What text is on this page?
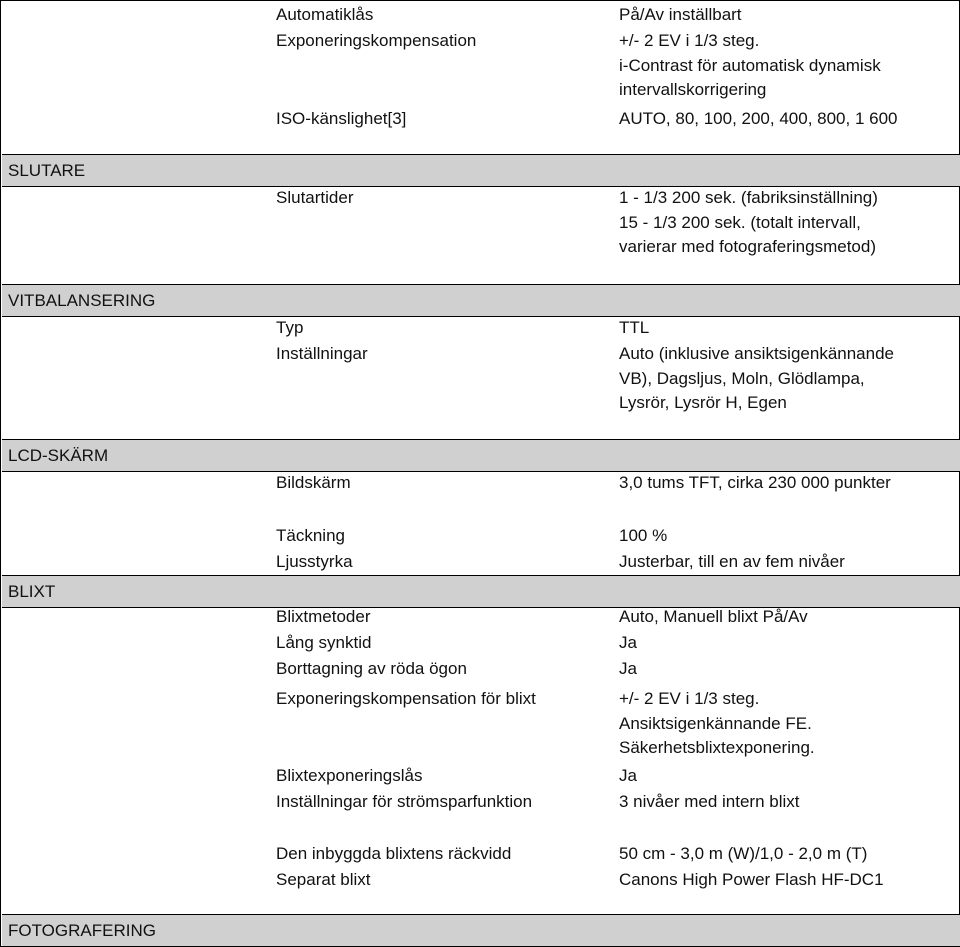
Automatiklås	På/Av inställbart
Exponeringskompensation	+/- 2 EV i 1/3 steg.
i-Contrast för automatisk dynamisk
intervallskorrigering
ISO-känslighet[3]	AUTO, 80, 100, 200, 400, 800, 1 600
SLUTARE
Slutartider	1 - 1/3 200 sek. (fabriksinställning)
15 - 1/3 200 sek. (totalt intervall,
varierar med fotograferingsmetod)
VITBALANSERING
Typ	TTL
Inställningar	Auto (inklusive ansiktsigenkännande
VB), Dagsljus, Moln, Glödlampa,
Lysrör, Lysrör H, Egen
LCD-SKÄRM
Bildskärm	3,0 tums TFT, cirka 230 000 punkter
Täckning	100 %
Ljusstyrka	Justerbar, till en av fem nivåer
BLIXT
Blixtmetoder	Auto, Manuell blixt På/Av
Lång synktid	Ja
Borttagning av röda ögon	Ja
Exponeringskompensation för blixt	+/- 2 EV i 1/3 steg.
Ansiktsigenkännande FE.
Säkerhetsblixtexponering.
Blixtexponeringslås	Ja
Inställningar för strömsparfunktion	3 nivåer med intern blixt
Den inbyggda blixtens räckvidd	50 cm - 3,0 m (W)/1,0 - 2,0 m (T)
Separat blixt	Canons High Power Flash HF-DC1
FOTOGRAFERING
